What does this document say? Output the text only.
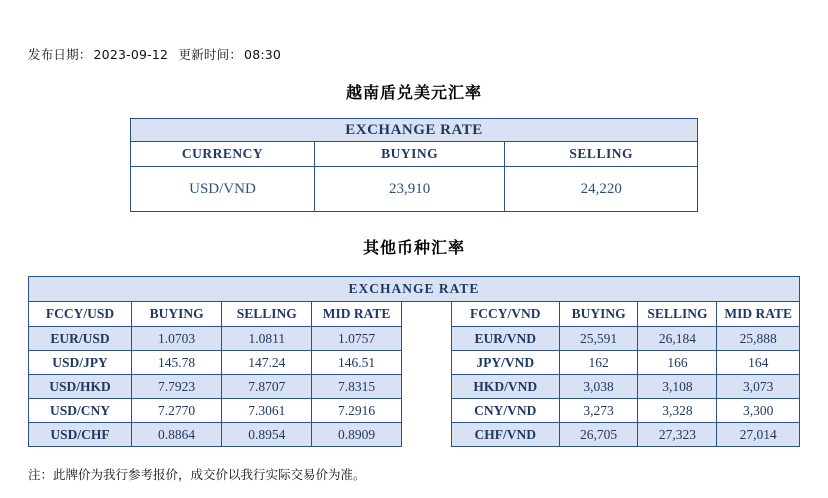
发布日期： 2023-09-12 更新时间： 08:30
越南盾兑美元汇率
EXCHANGE RATE		
CURRENCY	BUYING	SELLING
USD/VND	23,910	24,220
其他币种汇率
EXCHANGE RATE								
FCCY/USD	BUYING	SELLING	MID RATE		FCCY/VND	BUYING	SELLING	MID RATE
EUR/USD	1.0703	1.0811	1.0757		EUR/VND	25,591	26,184	25,888
USD/JPY	145.78	147.24	146.51		JPY/VND	162	166	164
USD/HKD	7.7923	7.8707	7.8315		HKD/VND	3,038	3,108	3,073
USD/CNY	7.2770	7.3061	7.2916		CNY/VND	3,273	3,328	3,300
USD/CHF	0.8864	0.8954	0.8909		CHF/VND	26,705	27,323	27,014
注：此牌价为我行参考报价，成交价以我行实际交易价为准。
